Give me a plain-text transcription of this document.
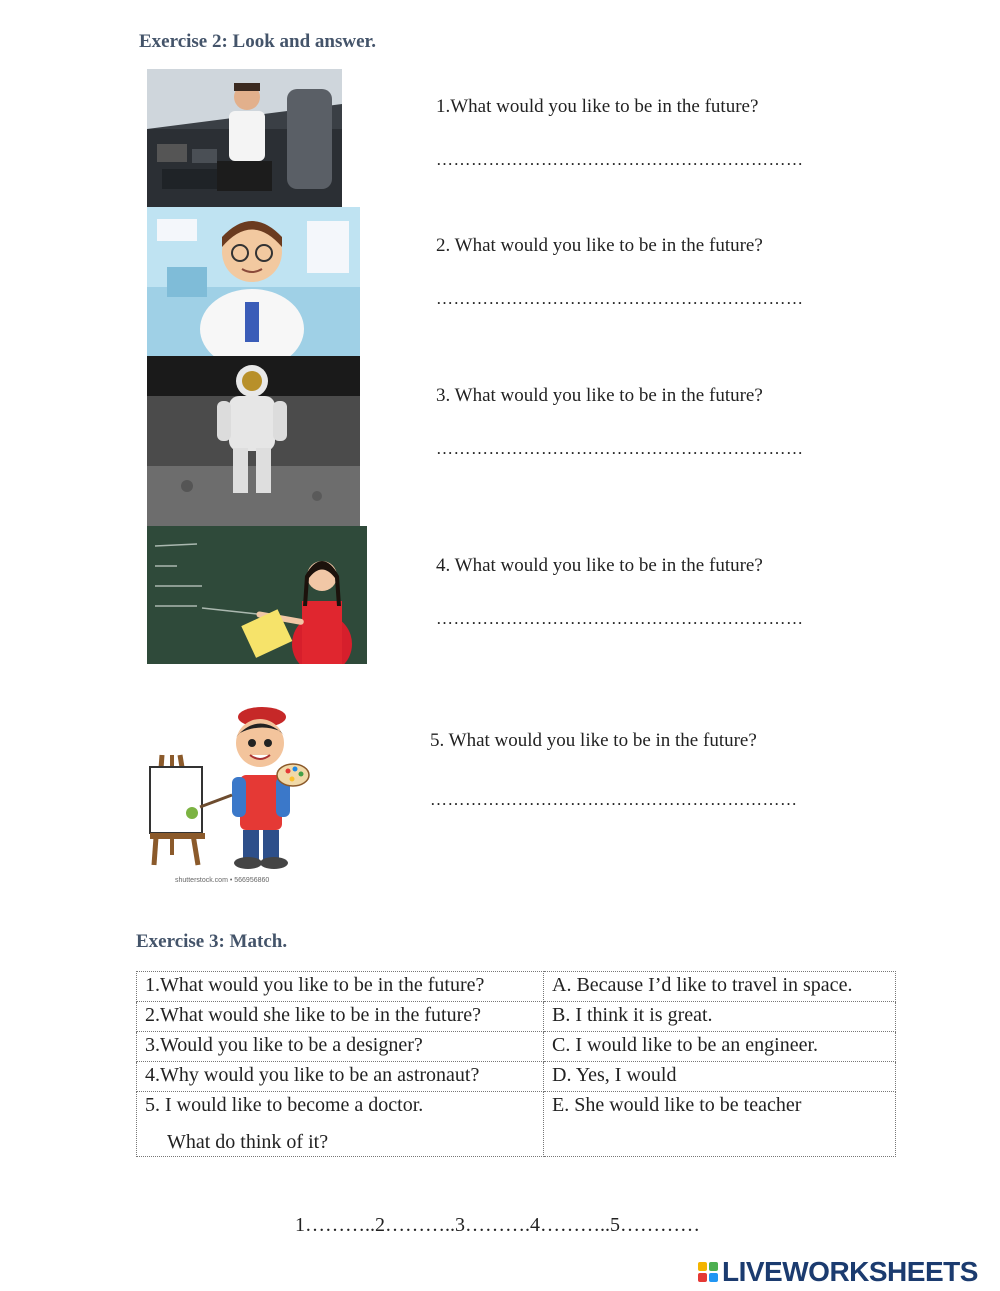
Exercise 2: Look and answer.
1.What would you like to be in the future?
………………………………………………………
2. What would you like to be in the future?
………………………………………………………
3. What would you like to be in the future?
………………………………………………………
4. What would you like to be in the future?
………………………………………………………
shutterstock.com • 566956860
5. What would you like to be in the future?
………………………………………………………
Exercise 3: Match.
1.What would you like to be in the future?	A. Because I’d like to travel in space.
2.What would she like to be in the future?	B. I think it is great.
3.Would you like to be a designer?	C. I would like to be an engineer.
4.Why would you like to be an astronaut?	D. Yes, I would
5. I would like to become a doctor.
What do think of it?	E. She would like to be teacher
1………..2………..3……….4………..5…………
LIVEWORKSHEETS
